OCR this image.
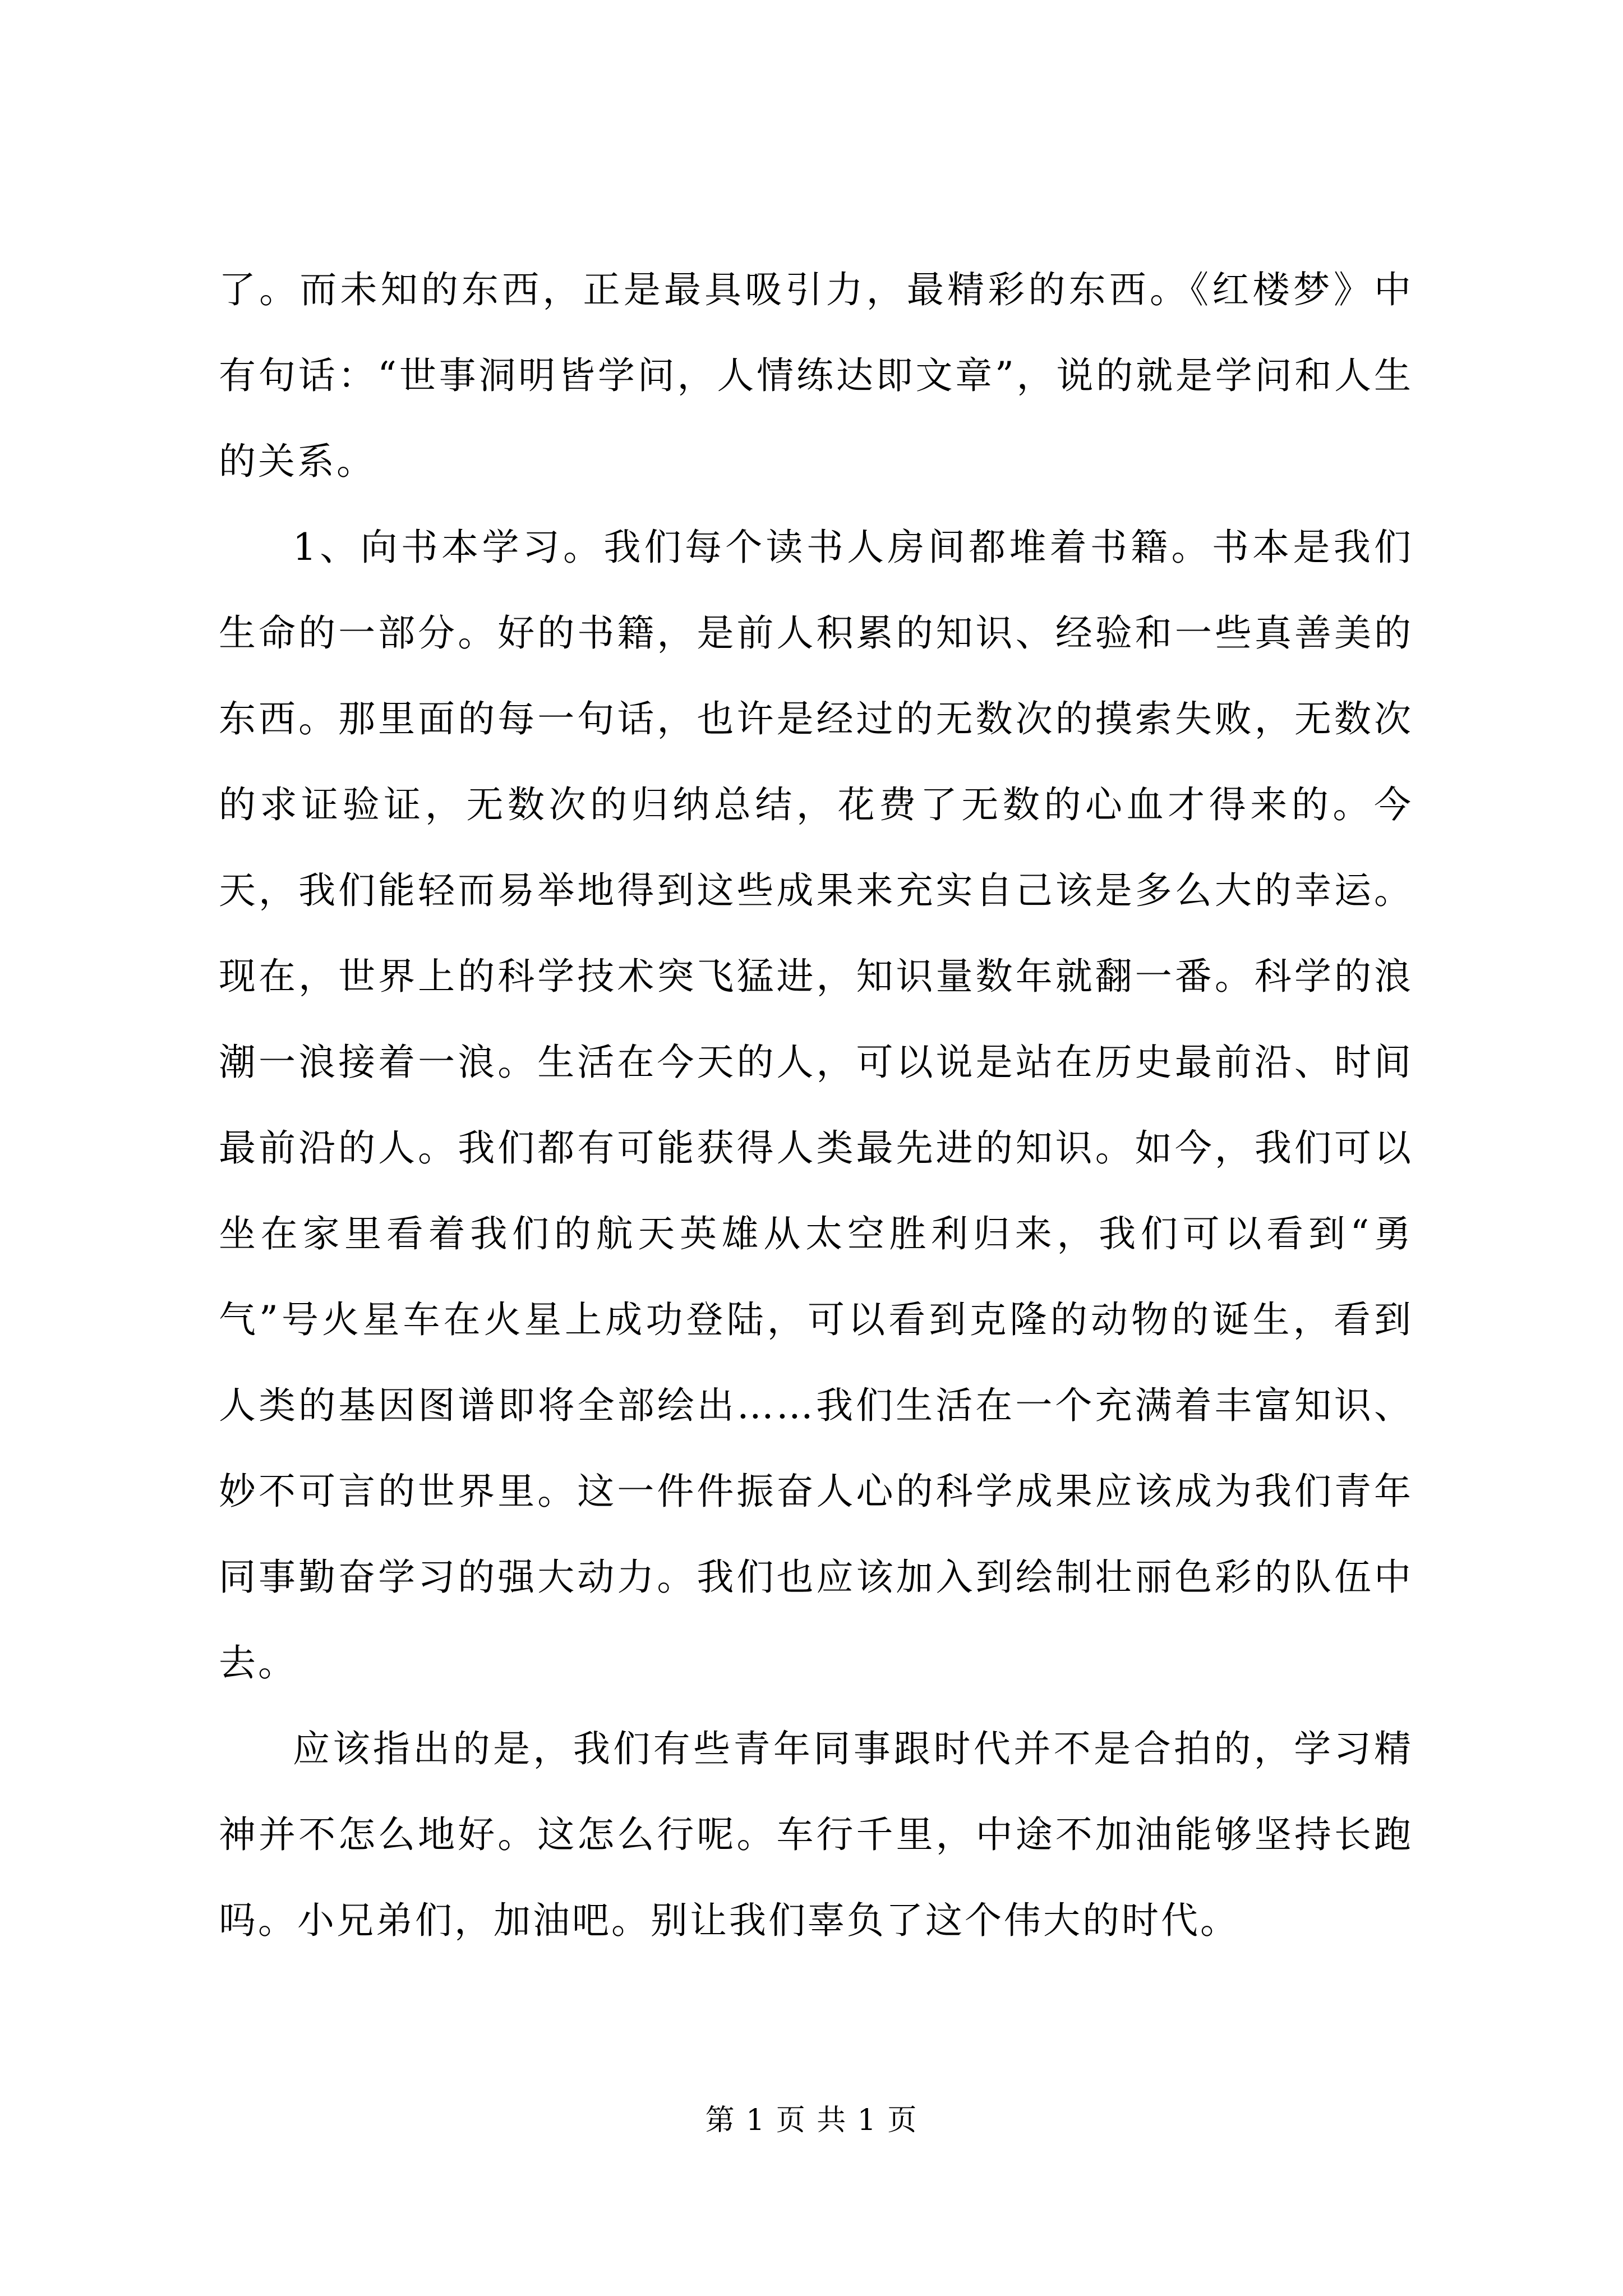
了。而未知的东西，正是最具吸引力，最精彩的东西。《红楼梦》中有句话：“世事洞明皆学问，人情练达即文章”，说的就是学问和人生的关系。

1、向书本学习。我们每个读书人房间都堆着书籍。书本是我们生命的一部分。好的书籍，是前人积累的知识、经验和一些真善美的东西。那里面的每一句话，也许是经过的无数次的摸索失败，无数次的求证验证，无数次的归纳总结，花费了无数的心血才得来的。今天，我们能轻而易举地得到这些成果来充实自己该是多么大的幸运。现在，世界上的科学技术突飞猛进，知识量数年就翻一番。科学的浪潮一浪接着一浪。生活在今天的人，可以说是站在历史最前沿、时间最前沿的人。我们都有可能获得人类最先进的知识。如今，我们可以坐在家里看着我们的航天英雄从太空胜利归来，我们可以看到“勇气”号火星车在火星上成功登陆，可以看到克隆的动物的诞生，看到人类的基因图谱即将全部绘出……我们生活在一个充满着丰富知识、妙不可言的世界里。这一件件振奋人心的科学成果应该成为我们青年同事勤奋学习的强大动力。我们也应该加入到绘制壮丽色彩的队伍中去。

应该指出的是，我们有些青年同事跟时代并不是合拍的，学习精神并不怎么地好。这怎么行呢。车行千里，中途不加油能够坚持长跑吗。小兄弟们，加油吧。别让我们辜负了这个伟大的时代。

第 1 页 共 1 页
